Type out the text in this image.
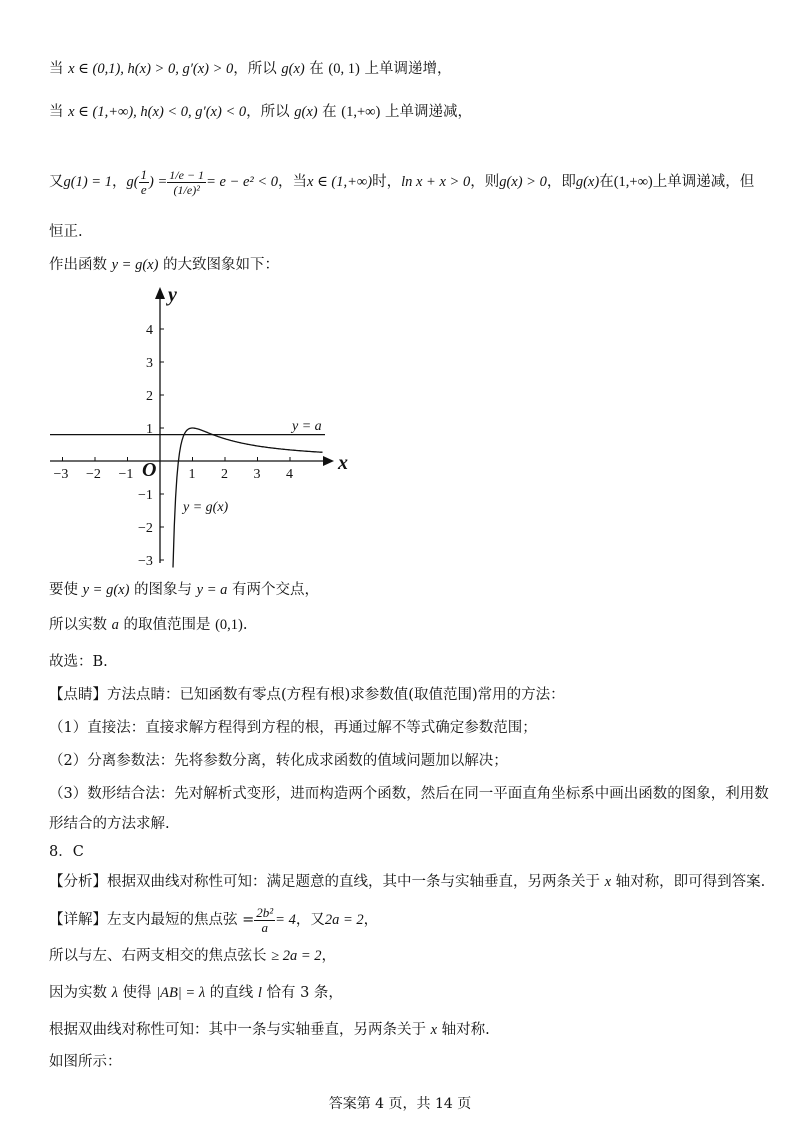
当 x ∈ (0,1), h(x) > 0, g′(x) > 0，所以 g(x) 在 (0, 1) 上单调递增，
当 x ∈ (1,+∞), h(x) < 0, g′(x) < 0，所以 g(x) 在 (1,+∞) 上单调递减，
又 g(1) = 1 ， $g( \frac{1}{e}$ ) = $\frac{1/e - 1}{\text{(1/e)²}} = e - e^2 < 0$ ，当 x ∈ (1,+∞) 时， ln x + x > 0 ，则 g(x) > 0 ，即 g(x) 在 (1,+∞) 上单调递减，但
恒正.
作出函数 y = g(x) 的大致图象如下：
−3 −2 −1	1 2 3 4
4
3
2
1
−1
−2
−3
x
y
O
y = a
y = g(x)
要使 y = g(x) 的图象与 y = a 有两个交点，
所以实数 a 的取值范围是 (0,1).
故选：B.
【点睛】方法点睛：已知函数有零点(方程有根)求参数值(取值范围)常用的方法：
（1）直接法：直接求解方程得到方程的根，再通过解不等式确定参数范围；
（2）分离参数法：先将参数分离，转化成求函数的值域问题加以解决；
（3）数形结合法：先对解析式变形，进而构造两个函数，然后在同一平面直角坐标系中画出函数的图象，利用数
形结合的方法求解.
8．C
【分析】根据双曲线对称性可知：满足题意的直线，其中一条与实轴垂直，另两条关于 x 轴对称，即可得到答案.
【详解】左支内最短的焦点弦 = $\frac{\text{2b²}}{a} = 4$ ，又 2a = 2 ，
所以与左、右两支相交的焦点弦长 ≥ 2a = 2，
因为实数 λ 使得 |AB| = λ 的直线 l 恰有 3 条，
根据双曲线对称性可知：其中一条与实轴垂直，另两条关于 x 轴对称.
如图所示：
答案第 4 页，共 14 页
